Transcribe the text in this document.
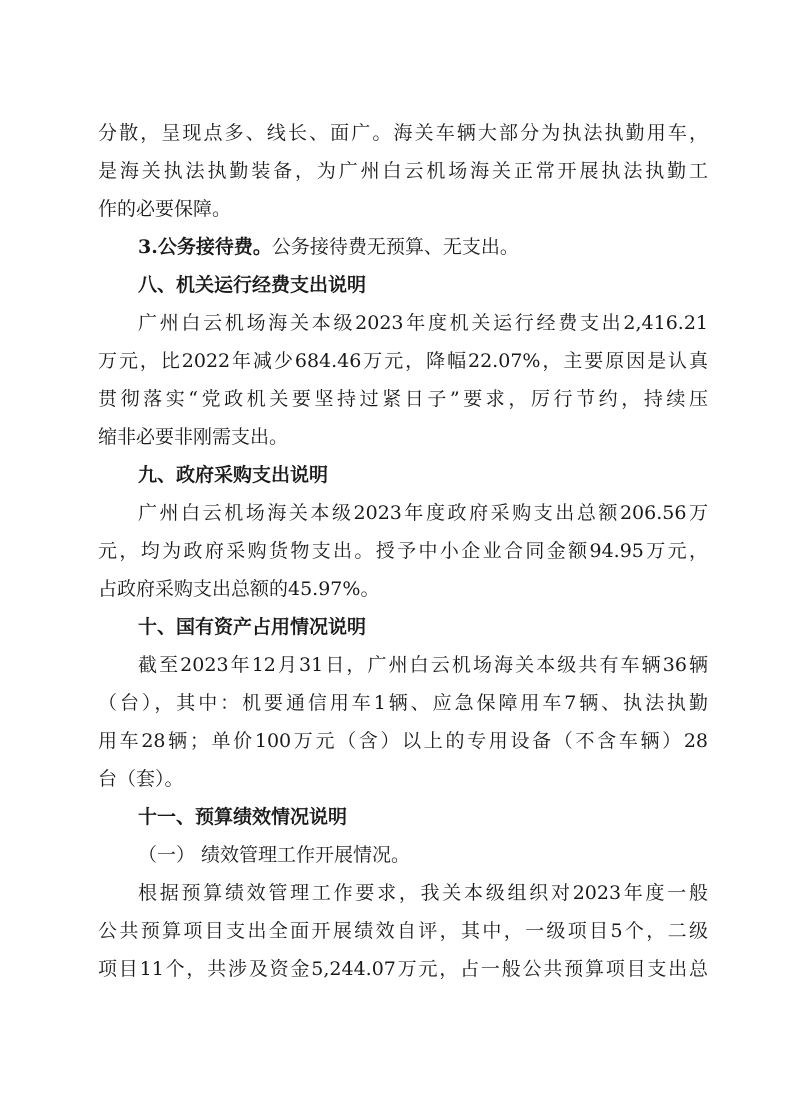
分散，呈现点多、线长、面广。海关车辆大部分为执法执勤用车，
是海关执法执勤装备，为广州白云机场海关正常开展执法执勤工
作的必要保障。
3.公务接待费。公务接待费无预算、无支出。
八、机关运行经费支出说明
广州白云机场海关本级2023年度机关运行经费支出2,416.21
万元，比2022年减少684.46万元，降幅22.07%，主要原因是认真
贯彻落实“党政机关要坚持过紧日子”要求，厉行节约，持续压
缩非必要非刚需支出。
九、政府采购支出说明
广州白云机场海关本级2023年度政府采购支出总额206.56万
元，均为政府采购货物支出。授予中小企业合同金额94.95万元，
占政府采购支出总额的45.97%。
十、国有资产占用情况说明
截至2023年12月31日，广州白云机场海关本级共有车辆36辆
（台），其中：机要通信用车1辆、应急保障用车7辆、执法执勤
用车28辆；单价100万元（含）以上的专用设备（不含车辆）28
台（套）。
十一、预算绩效情况说明
（一） 绩效管理工作开展情况。
根据预算绩效管理工作要求，我关本级组织对2023年度一般
公共预算项目支出全面开展绩效自评，其中，一级项目5个，二级
项目11个，共涉及资金5,244.07万元，占一般公共预算项目支出总
